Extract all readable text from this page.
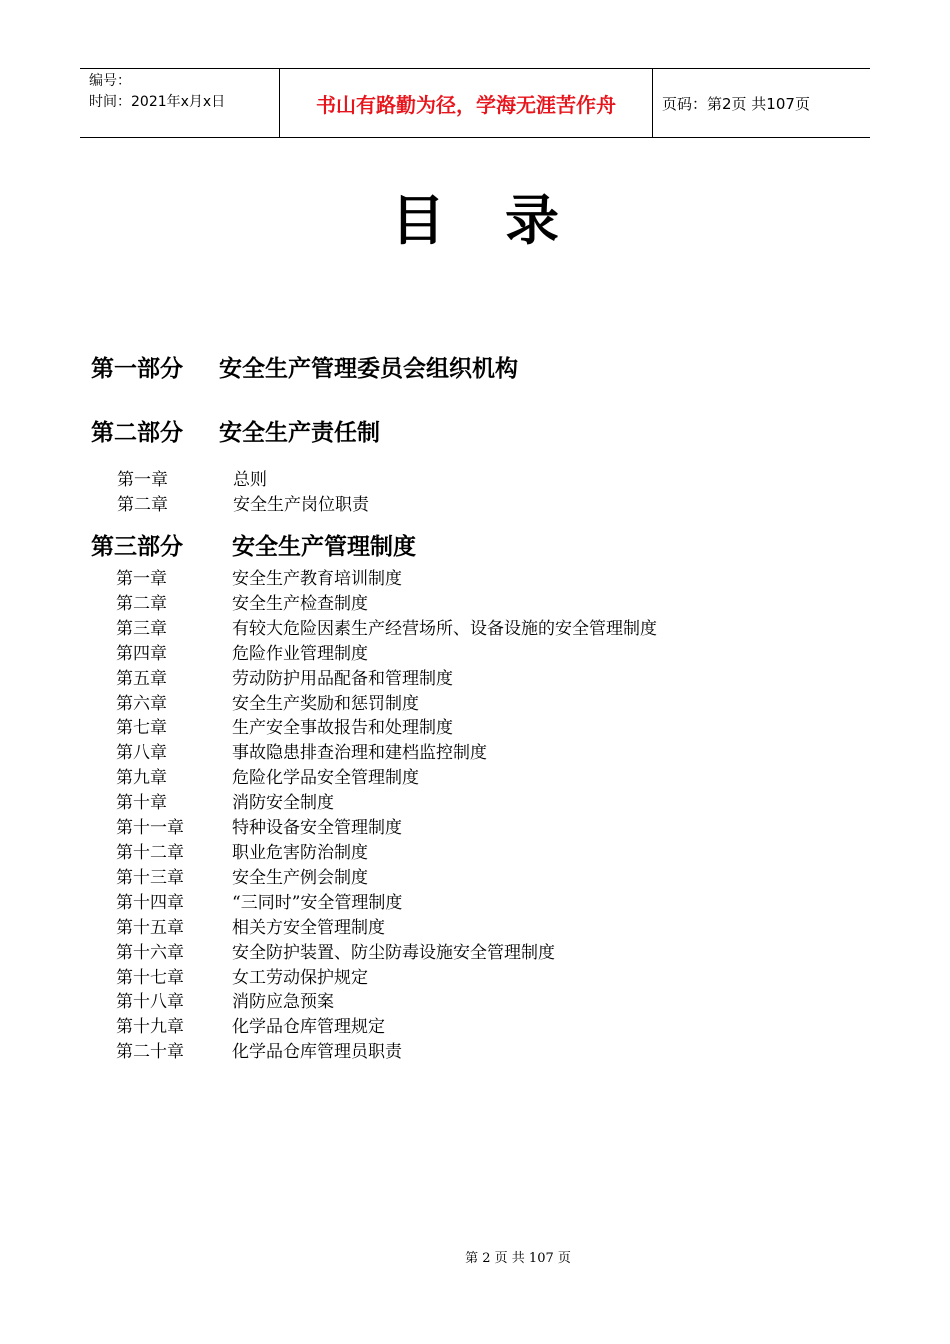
编号：
时间：2021年x月x日	书山有路勤为径，学海无涯苦作舟	页码：第2页 共107页
目录
第一部分 安全生产管理委员会组织机构
第二部分 安全生产责任制
第一章	总则
第二章	安全生产岗位职责
第三部分 安全生产管理制度
第一章	安全生产教育培训制度
第二章	安全生产检查制度
第三章	有较大危险因素生产经营场所、设备设施的安全管理制度
第四章	危险作业管理制度
第五章	劳动防护用品配备和管理制度
第六章	安全生产奖励和惩罚制度
第七章	生产安全事故报告和处理制度
第八章	事故隐患排查治理和建档监控制度
第九章	危险化学品安全管理制度
第十章	消防安全制度
第十一章	特种设备安全管理制度
第十二章	职业危害防治制度
第十三章	安全生产例会制度
第十四章	“三同时”安全管理制度
第十五章	相关方安全管理制度
第十六章	安全防护装置、防尘防毒设施安全管理制度
第十七章	女工劳动保护规定
第十八章	消防应急预案
第十九章	化学品仓库管理规定
第二十章	化学品仓库管理员职责
第 2 页 共 107 页
